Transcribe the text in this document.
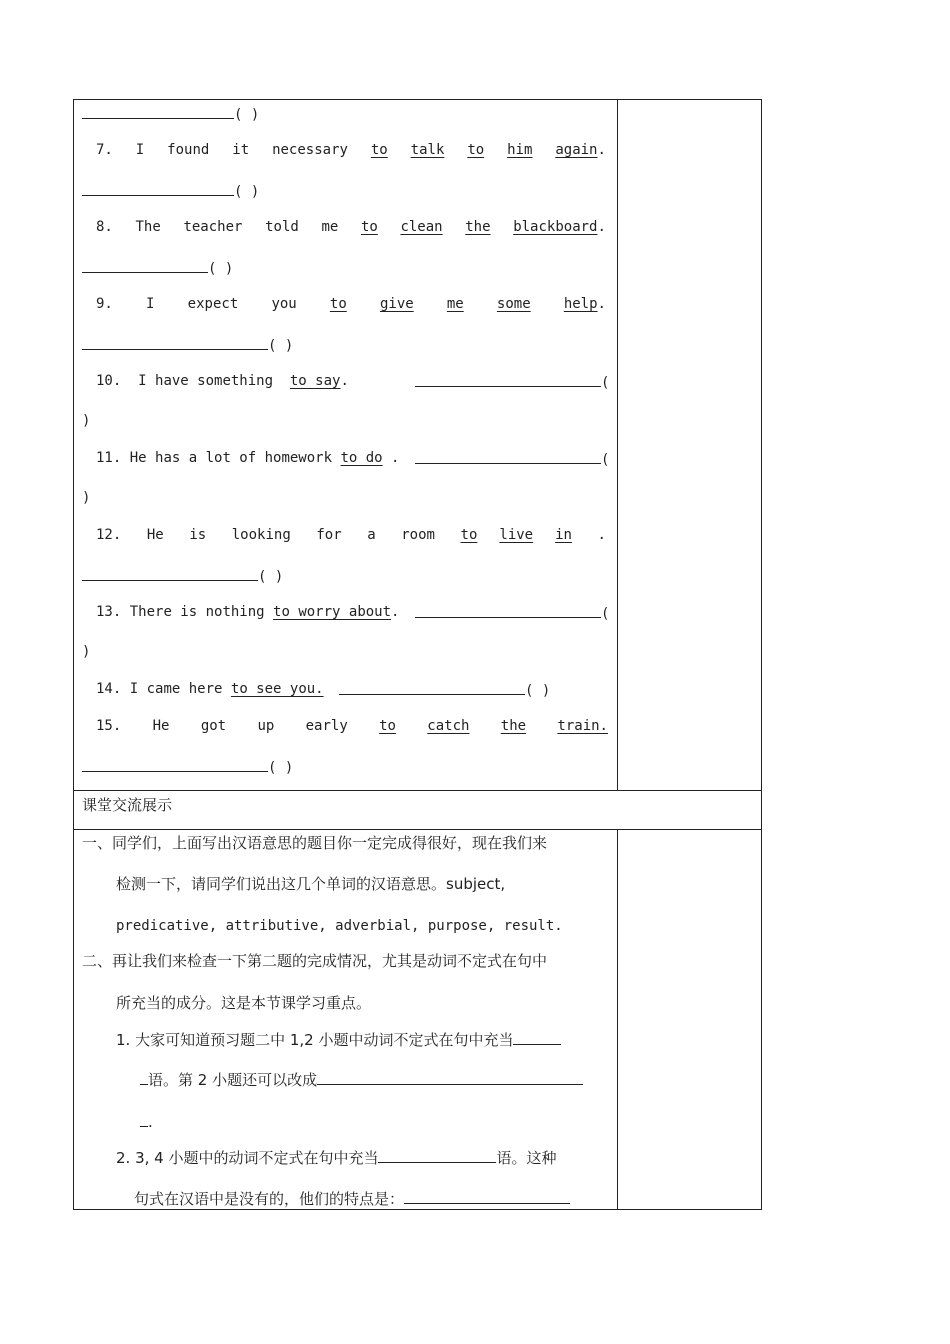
( )
7. I found it necessary to talk to him again.
( )
8. The teacher told me to clean the blackboard.
( )
9. I expect you to give me some help.
( )
10. I have something to say.	(
)
11. He has a lot of homework to do .	(
)
12. He is looking for a room to live in .
( )
13. There is nothing to worry about.	(
)
14. I came here to see you.	( )
15. He got up early to catch the train.
( )
课堂交流展示
一、同学们，上面写出汉语意思的题目你一定完成得很好，现在我们来
检测一下，请同学们说出这几个单词的汉语意思。subject,
predicative, attributive, adverbial, purpose, result.
二、再让我们来检查一下第二题的完成情况，尤其是动词不定式在句中
所充当的成分。这是本节课学习重点。
1. 大家可知道预习题二中 1,2 小题中动词不定式在句中充当
语。第 2 小题还可以改成
.
2. 3, 4 小题中的动词不定式在句中充当	语。这种
句式在汉语中是没有的，他们的特点是：
